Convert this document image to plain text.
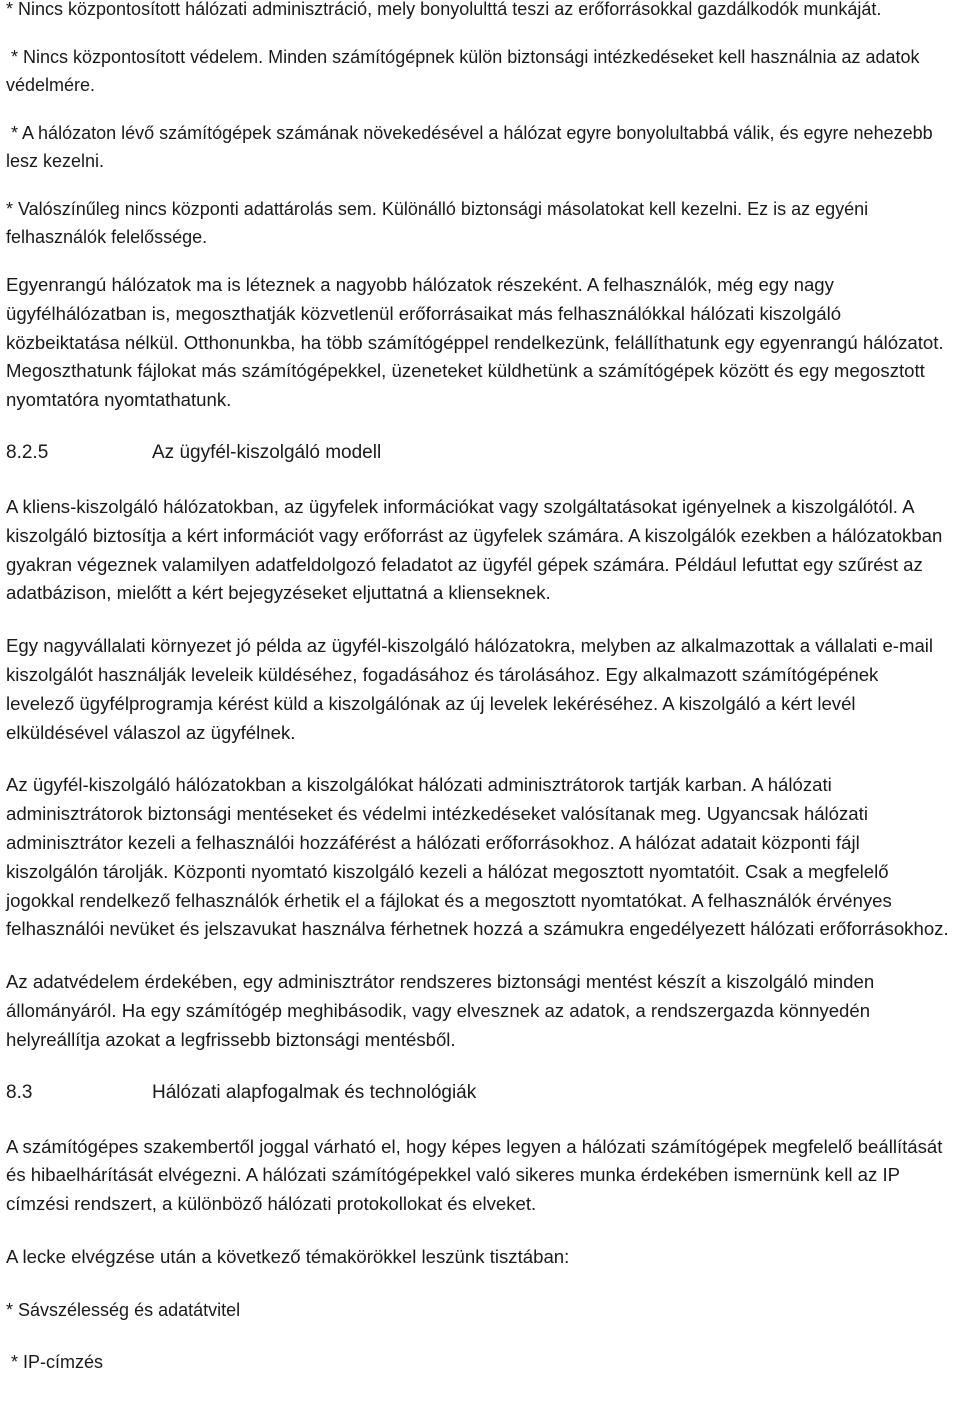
* Nincs központosított hálózati adminisztráció, mely bonyolulttá teszi az erőforrásokkal gazdálkodók munkáját.

* Nincs központosított védelem. Minden számítógépnek külön biztonsági intézkedéseket kell használnia az adatok védelmére.

* A hálózaton lévő számítógépek számának növekedésével a hálózat egyre bonyolultabbá válik, és egyre nehezebb lesz kezelni.

* Valószínűleg nincs központi adattárolás sem. Különálló biztonsági másolatokat kell kezelni. Ez is az egyéni felhasználók felelőssége.

Egyenrangú hálózatok ma is léteznek a nagyobb hálózatok részeként. A felhasználók, még egy nagy ügyfélhálózatban is, megoszthatják közvetlenül erőforrásaikat más felhasználókkal hálózati kiszolgáló közbeiktatása nélkül. Otthonunkba, ha több számítógéppel rendelkezünk, felállíthatunk egy egyenrangú hálózatot. Megoszthatunk fájlokat más számítógépekkel, üzeneteket küldhetünk a számítógépek között és egy megosztott nyomtatóra nyomtathatunk.

8.2.5	Az ügyfél-kiszolgáló modell

A kliens-kiszolgáló hálózatokban, az ügyfelek információkat vagy szolgáltatásokat igényelnek a kiszolgálótól. A kiszolgáló biztosítja a kért információt vagy erőforrást az ügyfelek számára. A kiszolgálók ezekben a hálózatokban gyakran végeznek valamilyen adatfeldolgozó feladatot az ügyfél gépek számára. Például lefuttat egy szűrést az adatbázison, mielőtt a kért bejegyzéseket eljuttatná a klienseknek.

Egy nagyvállalati környezet jó példa az ügyfél-kiszolgáló hálózatokra, melyben az alkalmazottak a vállalati e-mail kiszolgálót használják leveleik küldéséhez, fogadásához és tárolásához. Egy alkalmazott számítógépének levelező ügyfélprogramja kérést küld a kiszolgálónak az új levelek lekéréséhez. A kiszolgáló a kért levél elküldésével válaszol az ügyfélnek.

Az ügyfél-kiszolgáló hálózatokban a kiszolgálókat hálózati adminisztrátorok tartják karban. A hálózati adminisztrátorok biztonsági mentéseket és védelmi intézkedéseket valósítanak meg. Ugyancsak hálózati adminisztrátor kezeli a felhasználói hozzáférést a hálózati erőforrásokhoz. A hálózat adatait központi fájl kiszolgálón tárolják. Központi nyomtató kiszolgáló kezeli a hálózat megosztott nyomtatóit. Csak a megfelelő jogokkal rendelkező felhasználók érhetik el a fájlokat és a megosztott nyomtatókat. A felhasználók érvényes felhasználói nevüket és jelszavukat használva férhetnek hozzá a számukra engedélyezett hálózati erőforrásokhoz.

Az adatvédelem érdekében, egy adminisztrátor rendszeres biztonsági mentést készít a kiszolgáló minden állományáról. Ha egy számítógép meghibásodik, vagy elvesznek az adatok, a rendszergazda könnyedén helyreállítja azokat a legfrissebb biztonsági mentésből.

8.3	Hálózati alapfogalmak és technológiák

A számítógépes szakembertől joggal várható el, hogy képes legyen a hálózati számítógépek megfelelő beállítását és hibaelhárítását elvégezni. A hálózati számítógépekkel való sikeres munka érdekében ismernünk kell az IP címzési rendszert, a különböző hálózati protokollokat és elveket.

A lecke elvégzése után a következő témakörökkel leszünk tisztában:

* Sávszélesség és adatátvitel

* IP-címzés
